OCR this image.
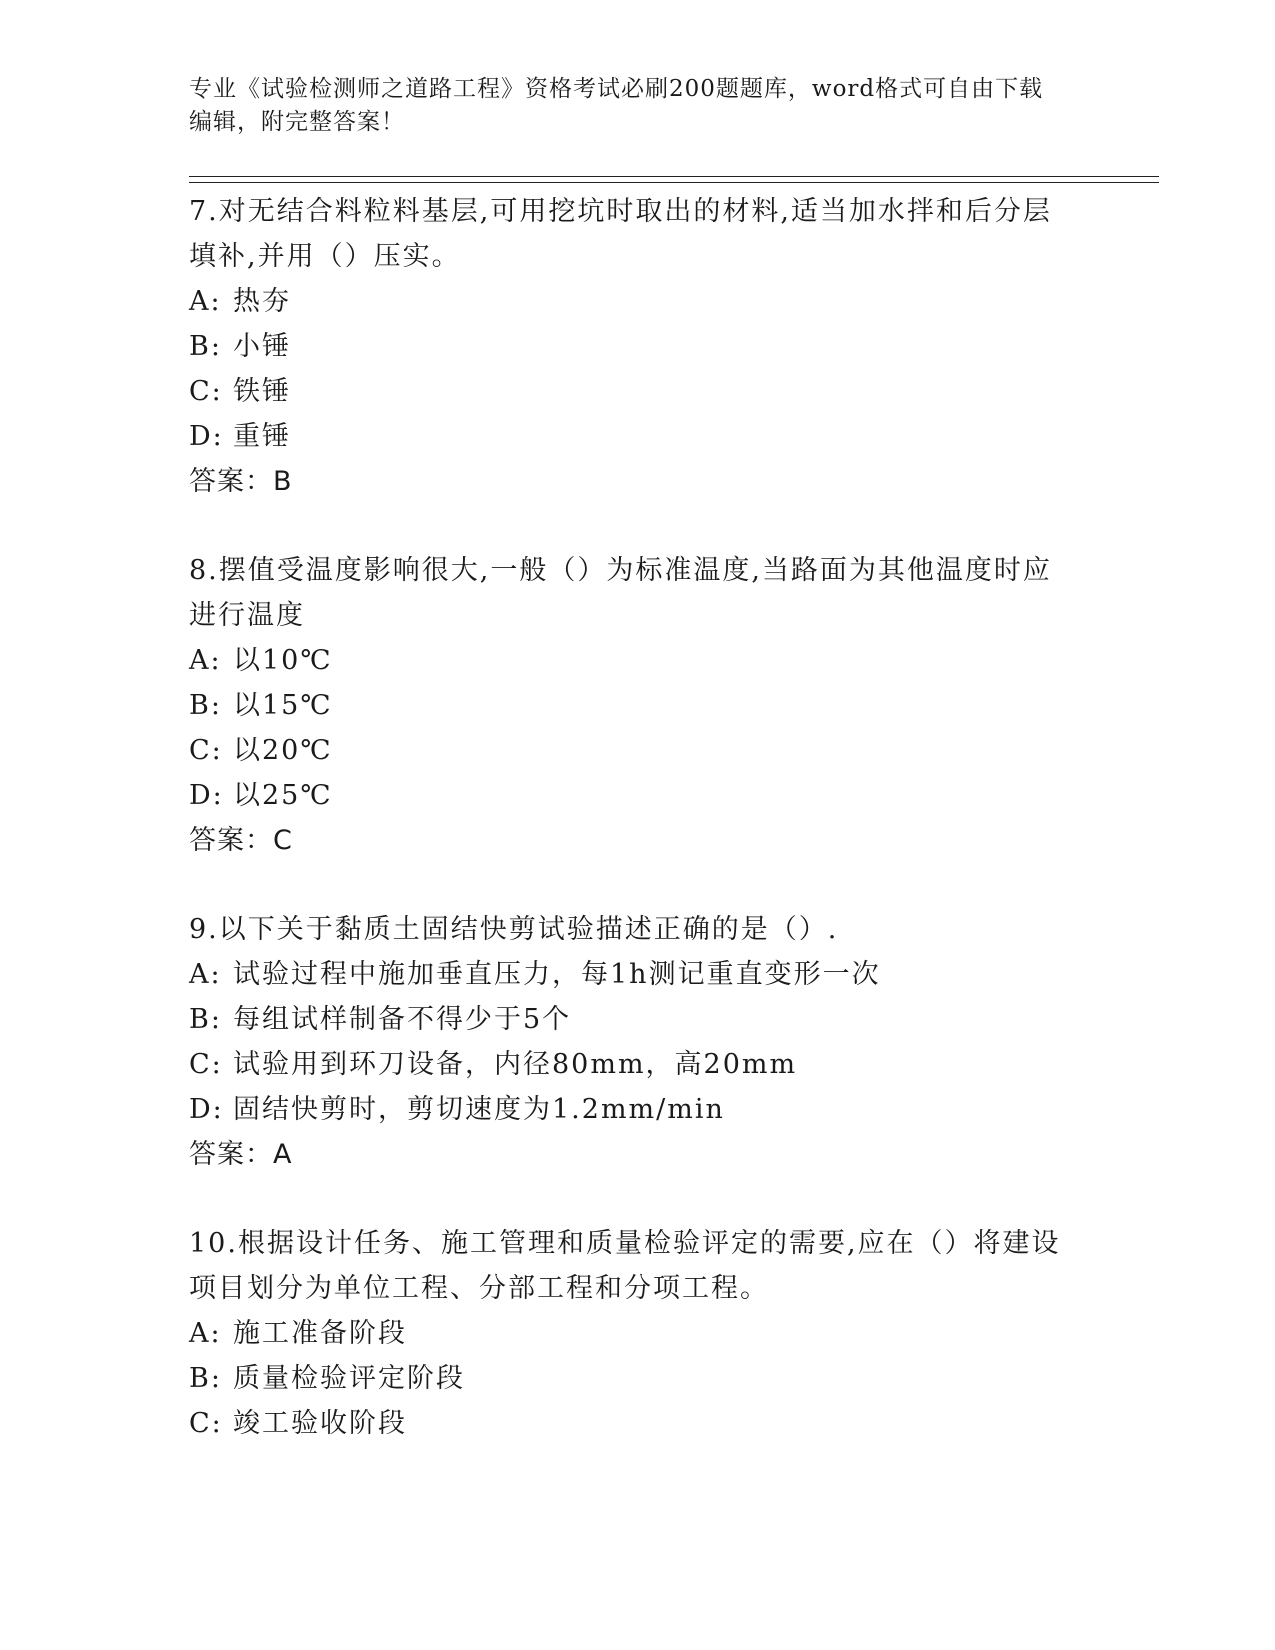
专业《试验检测师之道路工程》资格考试必刷200题题库，word格式可自由下载
编辑，附完整答案！
7.对无结合料粒料基层,可用挖坑时取出的材料,适当加水拌和后分层填补,并用（）压实。
A: 热夯
B: 小锤
C: 铁锤
D: 重锤
答案：B
8.摆值受温度影响很大,一般（）为标准温度,当路面为其他温度时应进行温度
A: 以10℃
B: 以15℃
C: 以20℃
D: 以25℃
答案：C
9.以下关于黏质土固结快剪试验描述正确的是（）.
A: 试验过程中施加垂直压力，每1h测记重直变形一次
B: 每组试样制备不得少于5个
C: 试验用到环刀设备，内径80mm，高20mm
D: 固结快剪时，剪切速度为1.2mm/min
答案：A
10.根据设计任务、施工管理和质量检验评定的需要,应在（）将建设项目划分为单位工程、分部工程和分项工程。
A: 施工准备阶段
B: 质量检验评定阶段
C: 竣工验收阶段
